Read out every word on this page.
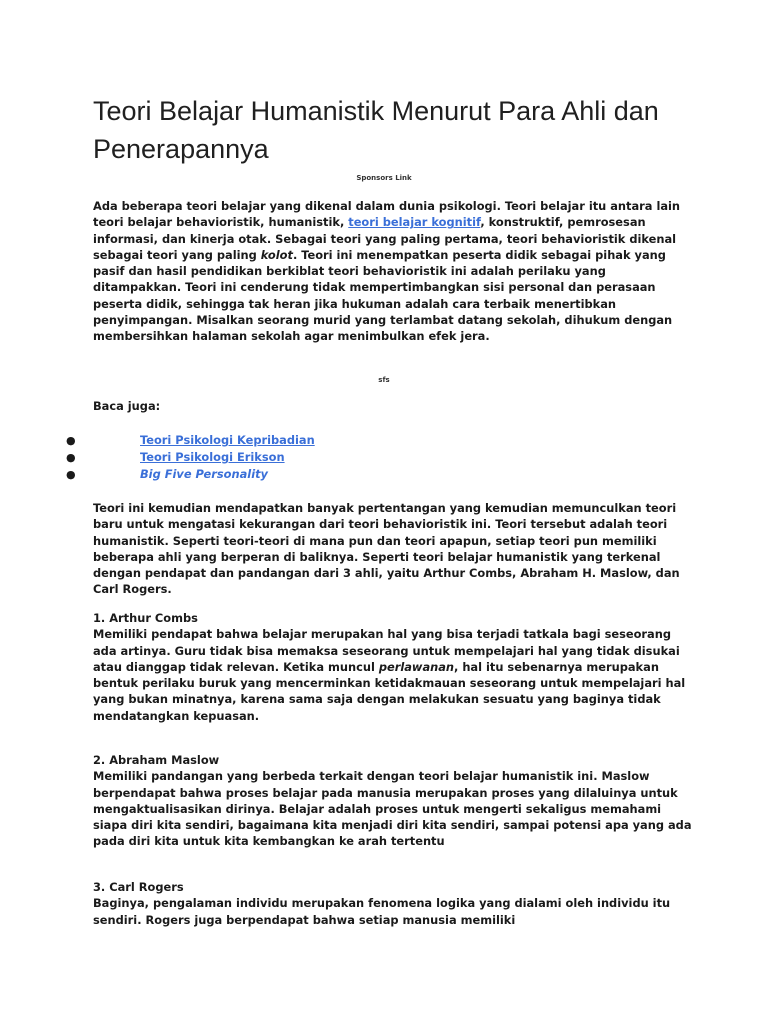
Teori Belajar Humanistik Menurut Para Ahli dan Penerapannya
Sponsors Link

Ada beberapa teori belajar yang dikenal dalam dunia psikologi. Teori belajar itu antara lain teori belajar behavioristik, humanistik, teori belajar kognitif, konstruktif, pemrosesan informasi, dan kinerja otak. Sebagai teori yang paling pertama, teori behavioristik dikenal sebagai teori yang paling kolot. Teori ini menempatkan peserta didik sebagai pihak yang pasif dan hasil pendidikan berkiblat teori behavioristik ini adalah perilaku yang ditampakkan. Teori ini cenderung tidak mempertimbangkan sisi personal dan perasaan peserta didik, sehingga tak heran jika hukuman adalah cara terbaik menertibkan penyimpangan. Misalkan seorang murid yang terlambat datang sekolah, dihukum dengan membersihkan halaman sekolah agar menimbulkan efek jera.

sfs
Baca juga:
●	Teori Psikologi Kepribadian
●	Teori Psikologi Erikson
●	Big Five Personality
Teori ini kemudian mendapatkan banyak pertentangan yang kemudian memunculkan teori baru untuk mengatasi kekurangan dari teori behavioristik ini. Teori tersebut adalah teori humanistik. Seperti teori-teori di mana pun dan teori apapun, setiap teori pun memiliki beberapa ahli yang berperan di baliknya. Seperti teori belajar humanistik yang terkenal dengan pendapat dan pandangan dari 3 ahli, yaitu Arthur Combs, Abraham H. Maslow, dan Carl Rogers.

1. Arthur Combs

Memiliki pendapat bahwa belajar merupakan hal yang bisa terjadi tatkala bagi seseorang ada artinya. Guru tidak bisa memaksa seseorang untuk mempelajari hal yang tidak disukai atau dianggap tidak relevan. Ketika muncul perlawanan, hal itu sebenarnya merupakan bentuk perilaku buruk yang mencerminkan ketidakmauan seseorang untuk mempelajari hal yang bukan minatnya, karena sama saja dengan melakukan sesuatu yang baginya tidak mendatangkan kepuasan.

2. Abraham Maslow

Memiliki pandangan yang berbeda terkait dengan teori belajar humanistik ini. Maslow berpendapat bahwa proses belajar pada manusia merupakan proses yang dilaluinya untuk mengaktualisasikan dirinya. Belajar adalah proses untuk mengerti sekaligus memahami siapa diri kita sendiri, bagaimana kita menjadi diri kita sendiri, sampai potensi apa yang ada pada diri kita untuk kita kembangkan ke arah tertentu

3. Carl Rogers

Baginya, pengalaman individu merupakan fenomena logika yang dialami oleh individu itu sendiri. Rogers juga berpendapat bahwa setiap manusia memiliki
